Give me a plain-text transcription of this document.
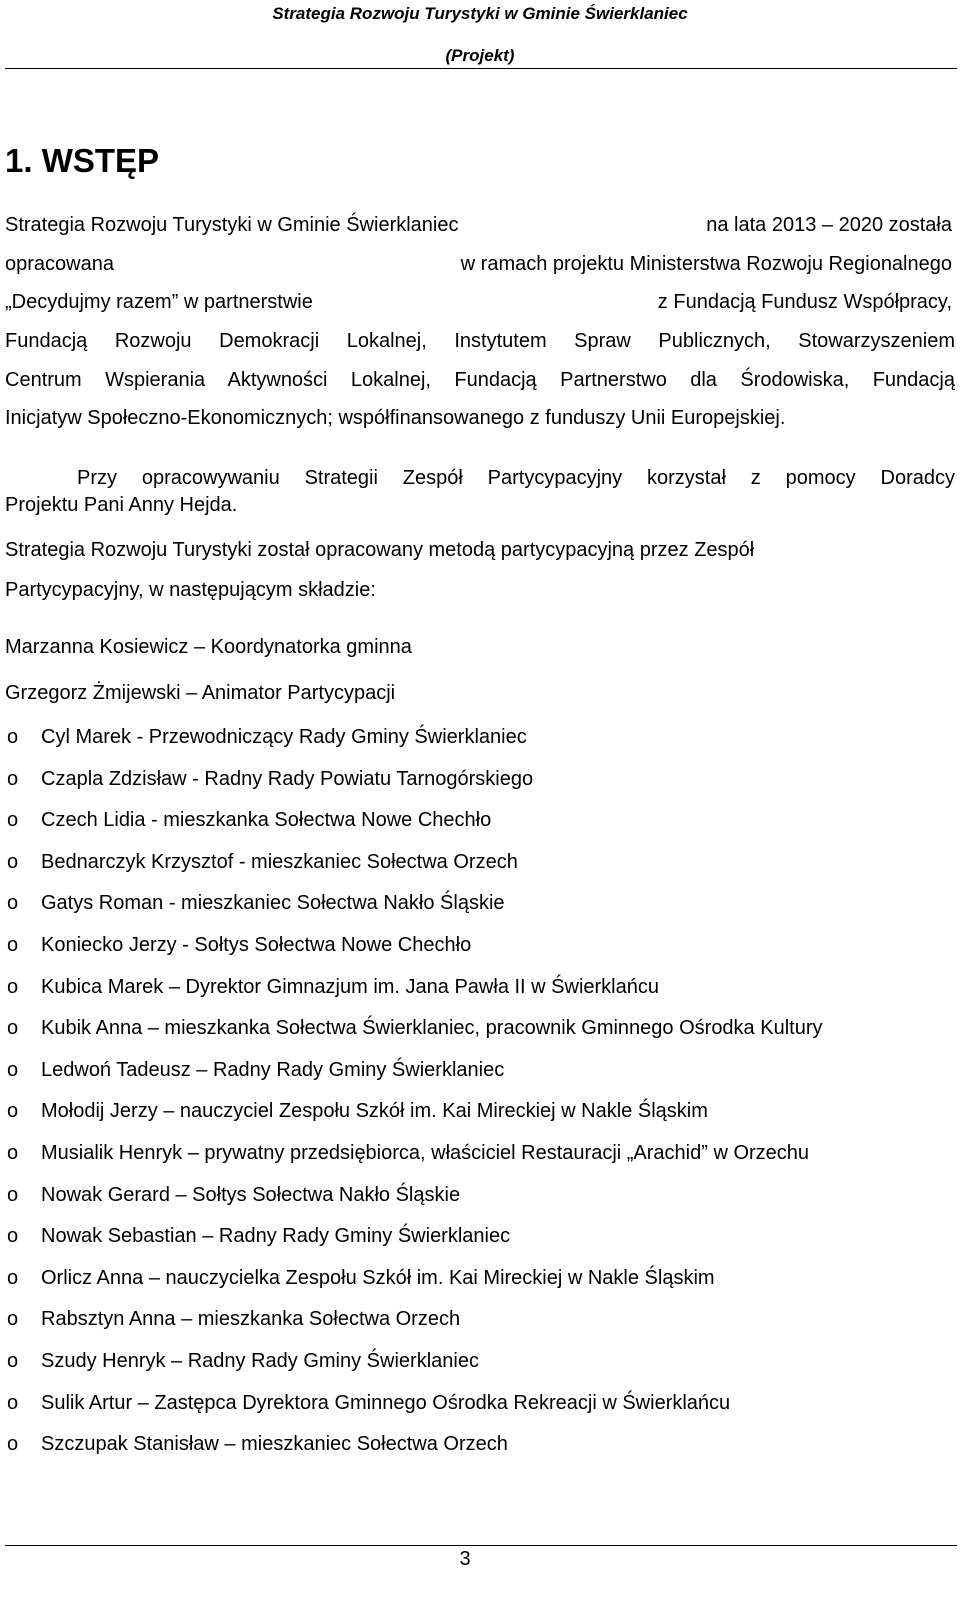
Strategia Rozwoju Turystyki w Gminie Świerklaniec
(Projekt)
1. WSTĘP
Strategia Rozwoju Turystyki w Gminie Świerklaniec	na lata 2013 – 2020 została
opracowana	w ramach projektu Ministerstwa Rozwoju Regionalnego
„Decydujmy razem” w partnerstwie	z Fundacją Fundusz Współpracy,
Fundacją Rozwoju Demokracji Lokalnej, Instytutem Spraw Publicznych, Stowarzyszeniem
Centrum Wspierania Aktywności Lokalnej, Fundacją Partnerstwo dla Środowiska, Fundacją
Inicjatyw Społeczno-Ekonomicznych; współfinansowanego z funduszy Unii Europejskiej.
Przy opracowywaniu Strategii Zespół Partycypacyjny korzystał z pomocy Doradcy
Projektu Pani Anny Hejda.
Strategia Rozwoju Turystyki został opracowany metodą partycypacyjną przez Zespół
Partycypacyjny, w następującym składzie:
Marzanna Kosiewicz – Koordynatorka gminna
Grzegorz Żmijewski – Animator Partycypacji
o Cyl Marek - Przewodniczący Rady Gminy Świerklaniec
o Czapla Zdzisław - Radny Rady Powiatu Tarnogórskiego
o Czech Lidia - mieszkanka Sołectwa Nowe Chechło
o Bednarczyk Krzysztof - mieszkaniec Sołectwa Orzech
o Gatys Roman - mieszkaniec Sołectwa Nakło Śląskie
o Koniecko Jerzy - Sołtys Sołectwa Nowe Chechło
o Kubica Marek – Dyrektor Gimnazjum im. Jana Pawła II w Świerklańcu
o Kubik Anna – mieszkanka Sołectwa Świerklaniec, pracownik Gminnego Ośrodka Kultury
o Ledwoń Tadeusz – Radny Rady Gminy Świerklaniec
o Mołodij Jerzy – nauczyciel Zespołu Szkół im. Kai Mireckiej w Nakle Śląskim
o Musialik Henryk – prywatny przedsiębiorca, właściciel Restauracji „Arachid” w Orzechu
o Nowak Gerard – Sołtys Sołectwa Nakło Śląskie
o Nowak Sebastian – Radny Rady Gminy Świerklaniec
o Orlicz Anna – nauczycielka Zespołu Szkół im. Kai Mireckiej w Nakle Śląskim
o Rabsztyn Anna – mieszkanka Sołectwa Orzech
o Szudy Henryk – Radny Rady Gminy Świerklaniec
o Sulik Artur – Zastępca Dyrektora Gminnego Ośrodka Rekreacji w Świerklańcu
o Szczupak Stanisław – mieszkaniec Sołectwa Orzech
3
